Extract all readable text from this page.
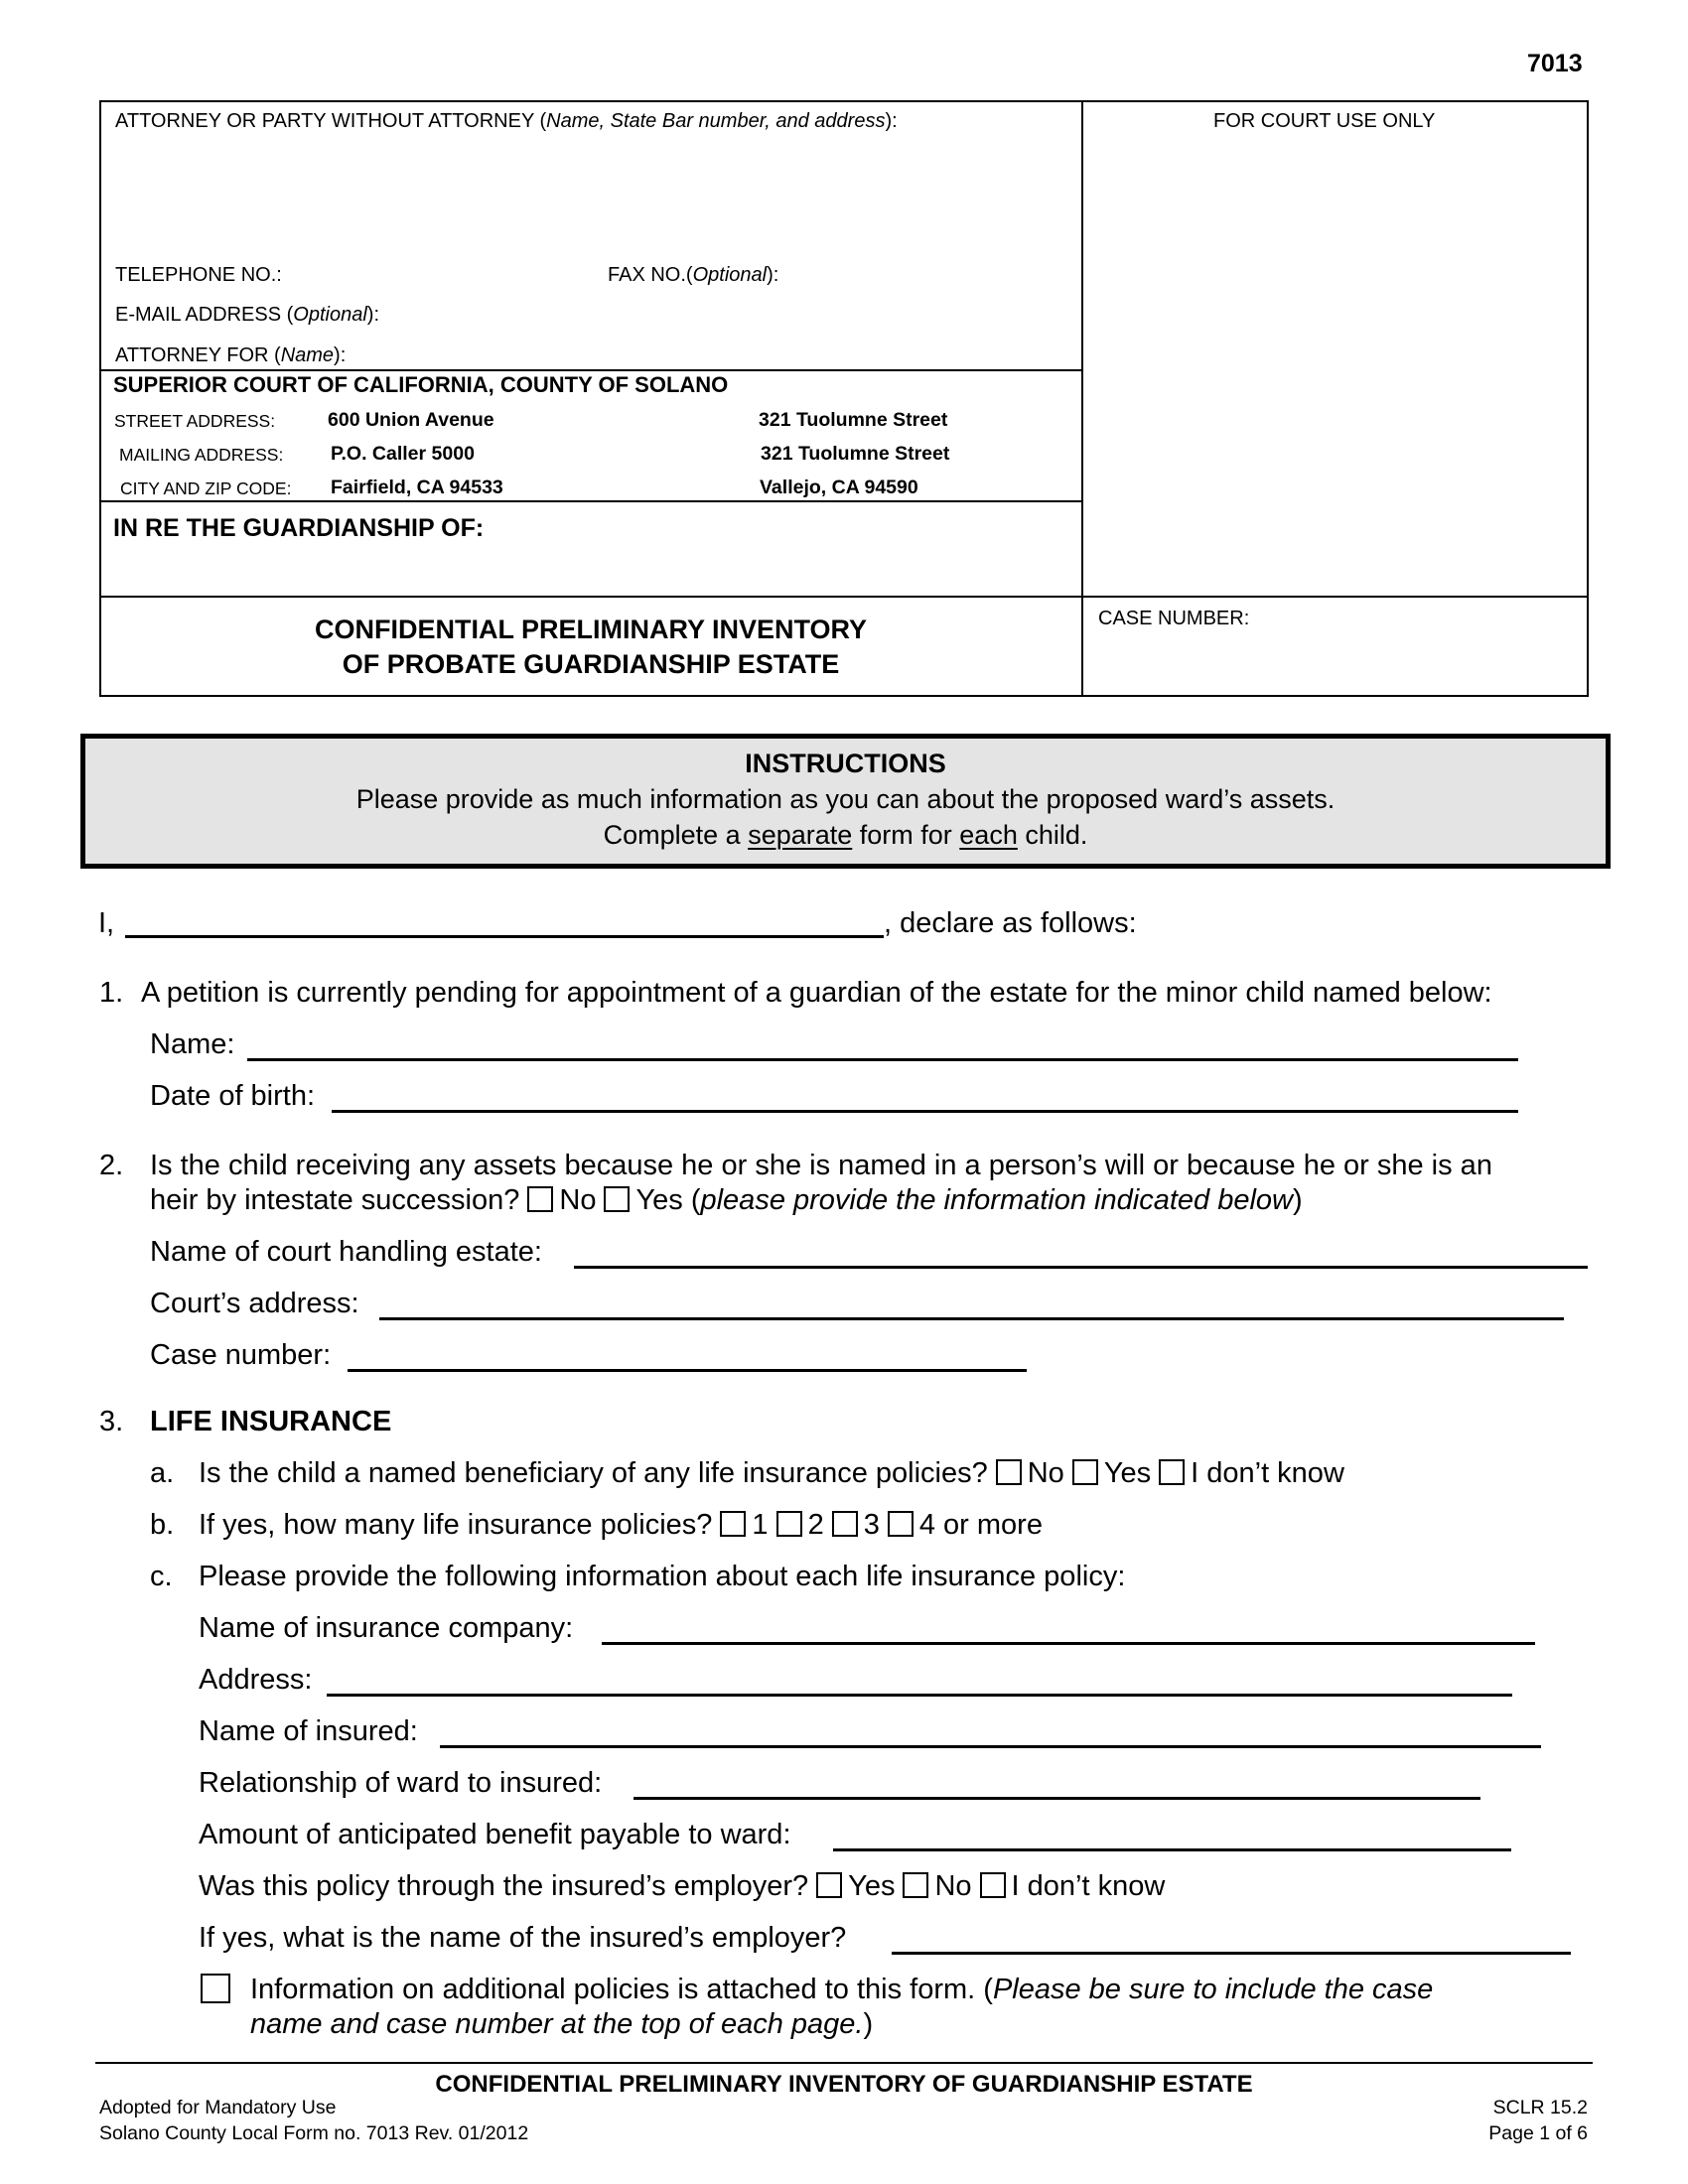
7013
ATTORNEY OR PARTY WITHOUT ATTORNEY (Name, State Bar number, and address):
TELEPHONE NO.:	FAX NO.(Optional):
E-MAIL ADDRESS (Optional):
ATTORNEY FOR (Name):
FOR COURT USE ONLY
SUPERIOR COURT OF CALIFORNIA, COUNTY OF SOLANO
STREET ADDRESS:	600 Union Avenue	321 Tuolumne Street
MAILING ADDRESS: P.O. Caller 5000	321 Tuolumne Street
CITY AND ZIP CODE: Fairfield, CA 94533	Vallejo, CA 94590
IN RE THE GUARDIANSHIP OF:
CONFIDENTIAL PRELIMINARY INVENTORY
OF PROBATE GUARDIANSHIP ESTATE
CASE NUMBER:
INSTRUCTIONS
Please provide as much information as you can about the proposed ward’s assets.
Complete a separate form for each child.
I,	, declare as follows:
1. A petition is currently pending for appointment of a guardian of the estate for the minor child named below:
Name:
Date of birth:
2. Is the child receiving any assets because he or she is named in a person’s will or because he or she is an
heir by intestate succession? No Yes (please provide the information indicated below)
Name of court handling estate:
Court’s address:
Case number:
3. LIFE INSURANCE
a. Is the child a named beneficiary of any life insurance policies? No Yes I don’t know
b. If yes, how many life insurance policies? 1 2 3 4 or more
c. Please provide the following information about each life insurance policy:
Name of insurance company:
Address:
Name of insured:
Relationship of ward to insured:
Amount of anticipated benefit payable to ward:
Was this policy through the insured’s employer? Yes No I don’t know
If yes, what is the name of the insured’s employer?
Information on additional policies is attached to this form. (Please be sure to include the case
name and case number at the top of each page.)
CONFIDENTIAL PRELIMINARY INVENTORY OF GUARDIANSHIP ESTATE
Adopted for Mandatory Use
Solano County Local Form no. 7013 Rev. 01/2012
SCLR 15.2
Page 1 of 6
